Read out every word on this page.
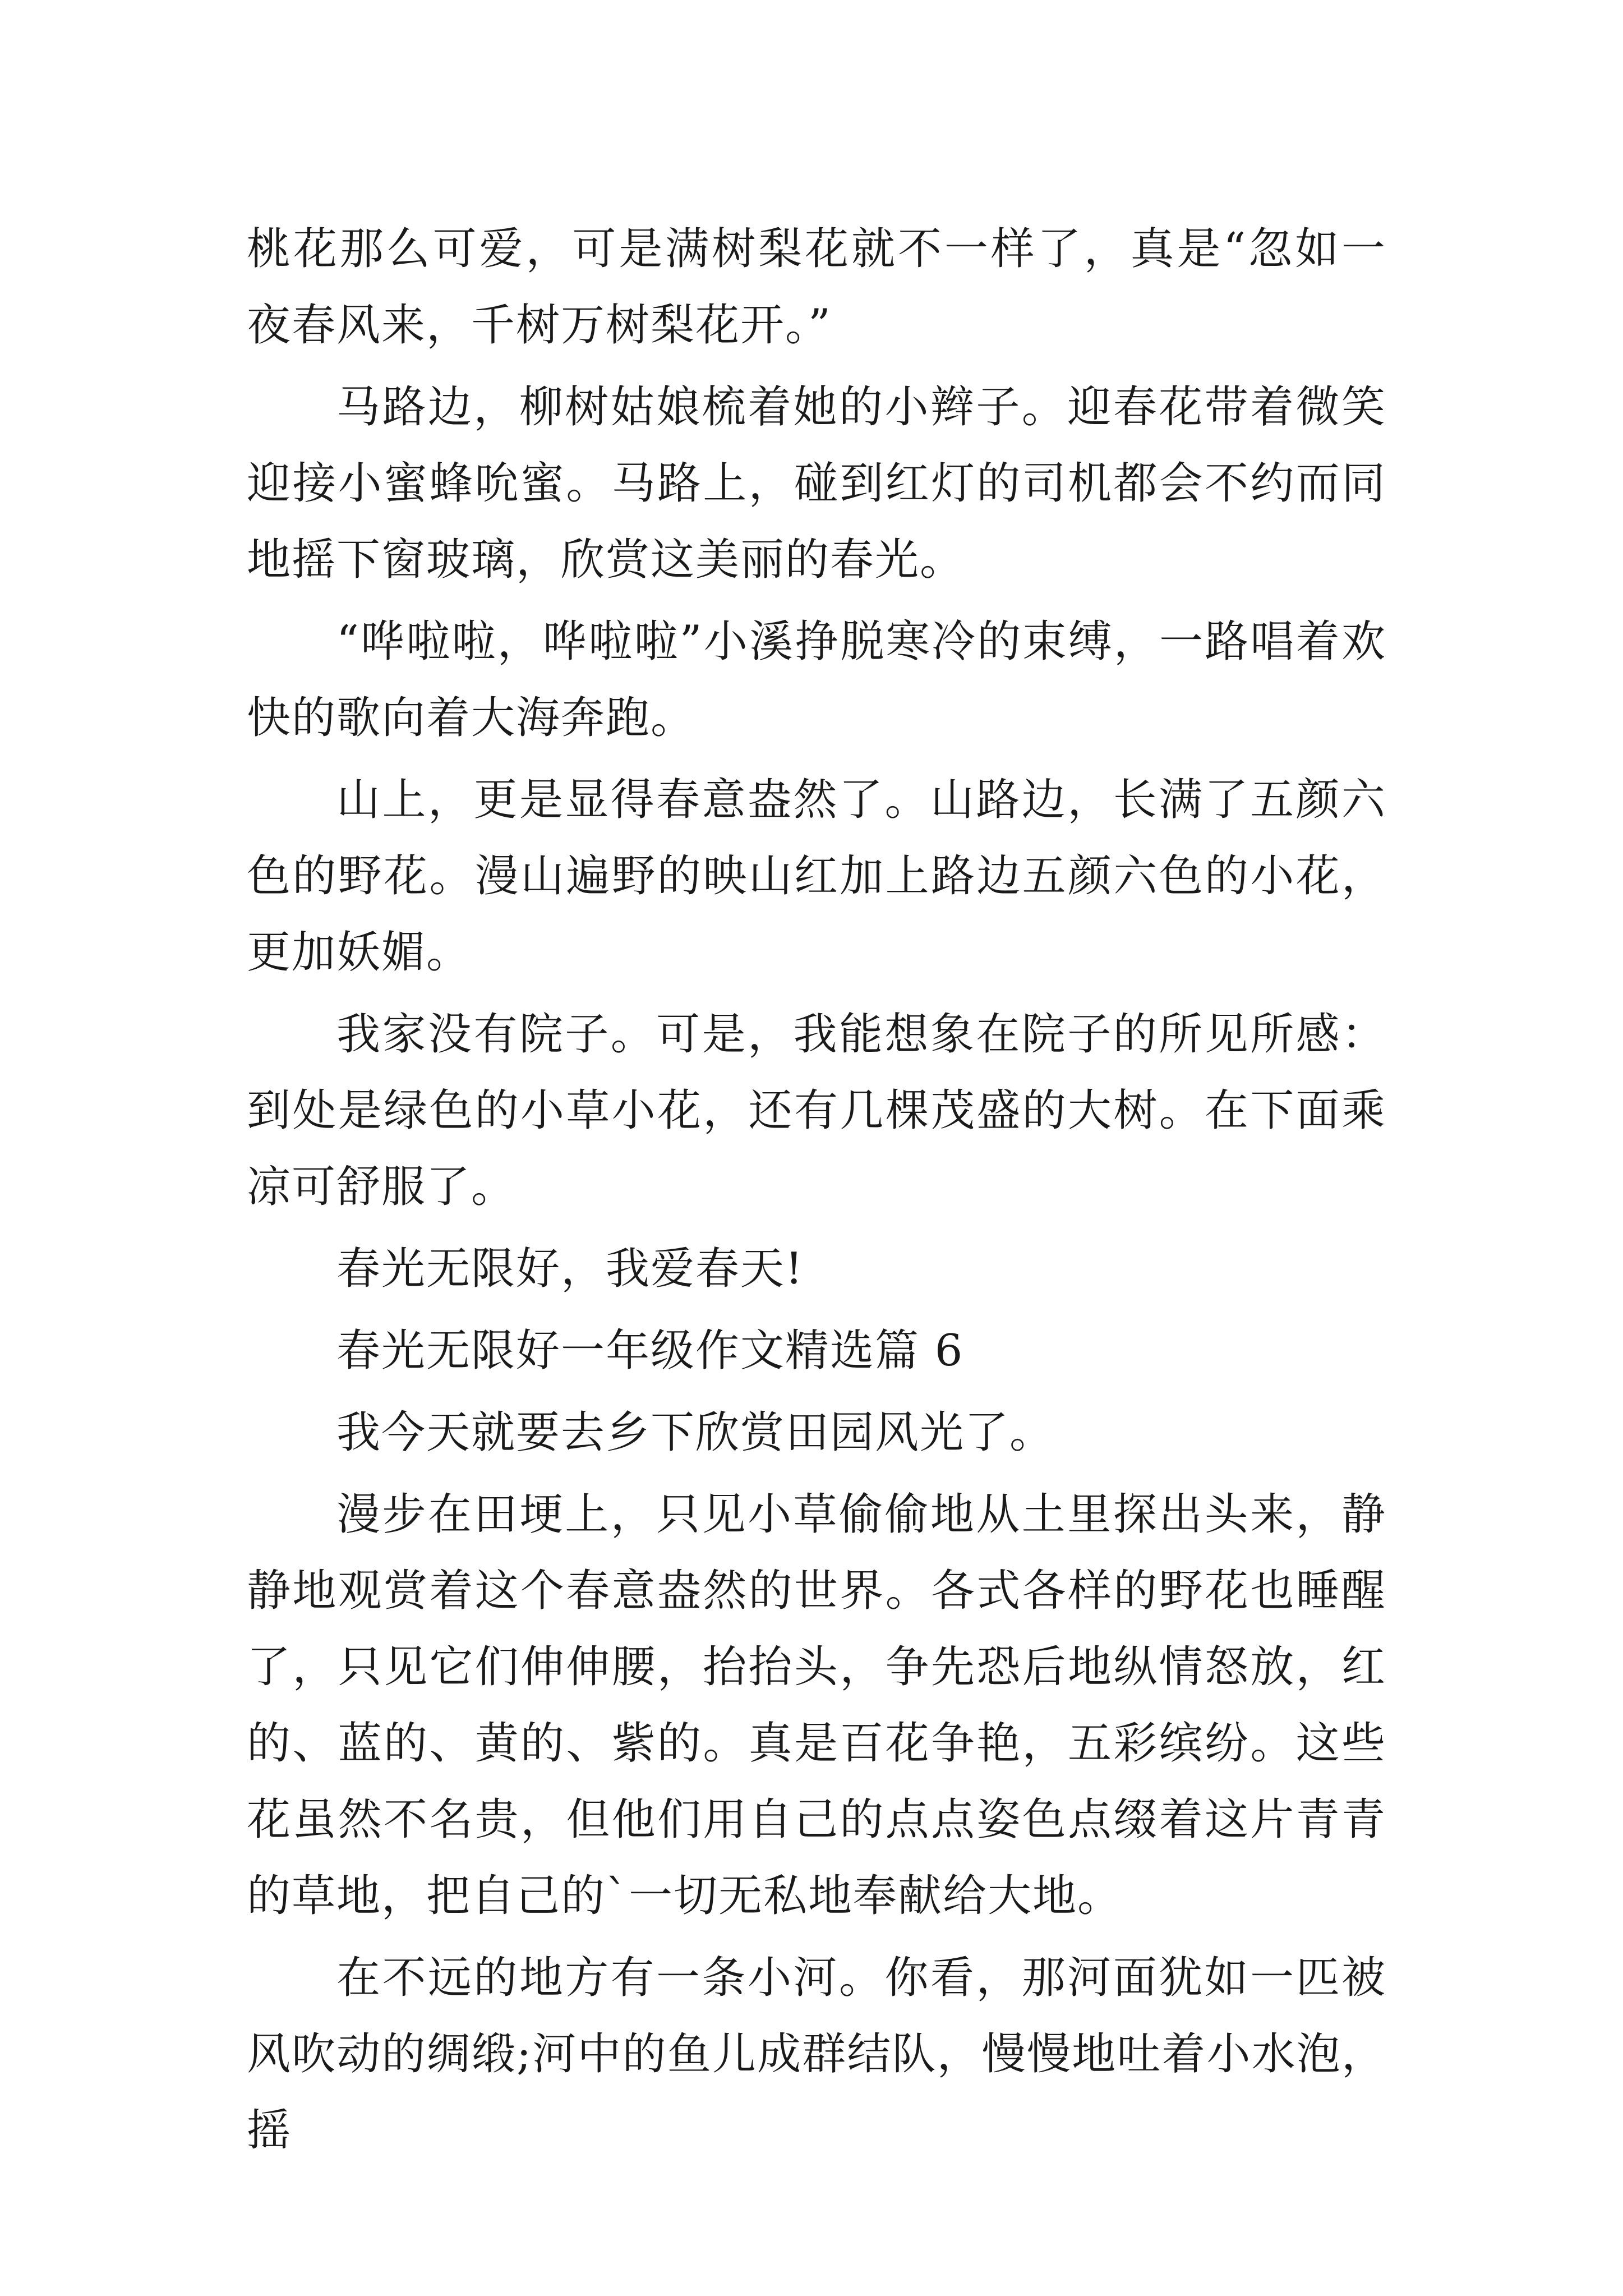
桃花那么可爱，可是满树梨花就不一样了，真是“忽如一夜春风来，千树万树梨花开。”

马路边，柳树姑娘梳着她的小辫子。迎春花带着微笑迎接小蜜蜂吮蜜。马路上，碰到红灯的司机都会不约而同地摇下窗玻璃，欣赏这美丽的春光。

“哗啦啦，哗啦啦”小溪挣脱寒冷的束缚，一路唱着欢快的歌向着大海奔跑。

山上，更是显得春意盎然了。山路边，长满了五颜六色的野花。漫山遍野的映山红加上路边五颜六色的小花，更加妖媚。

我家没有院子。可是，我能想象在院子的所见所感：到处是绿色的小草小花，还有几棵茂盛的大树。在下面乘凉可舒服了。

春光无限好，我爱春天!

春光无限好一年级作文精选篇 6

我今天就要去乡下欣赏田园风光了。

漫步在田埂上，只见小草偷偷地从土里探出头来，静静地观赏着这个春意盎然的世界。各式各样的野花也睡醒了，只见它们伸伸腰，抬抬头，争先恐后地纵情怒放，红的、蓝的、黄的、紫的。真是百花争艳，五彩缤纷。这些花虽然不名贵，但他们用自己的点点姿色点缀着这片青青的草地，把自己的`一切无私地奉献给大地。

在不远的地方有一条小河。你看，那河面犹如一匹被风吹动的绸缎;河中的鱼儿成群结队，慢慢地吐着小水泡，摇
